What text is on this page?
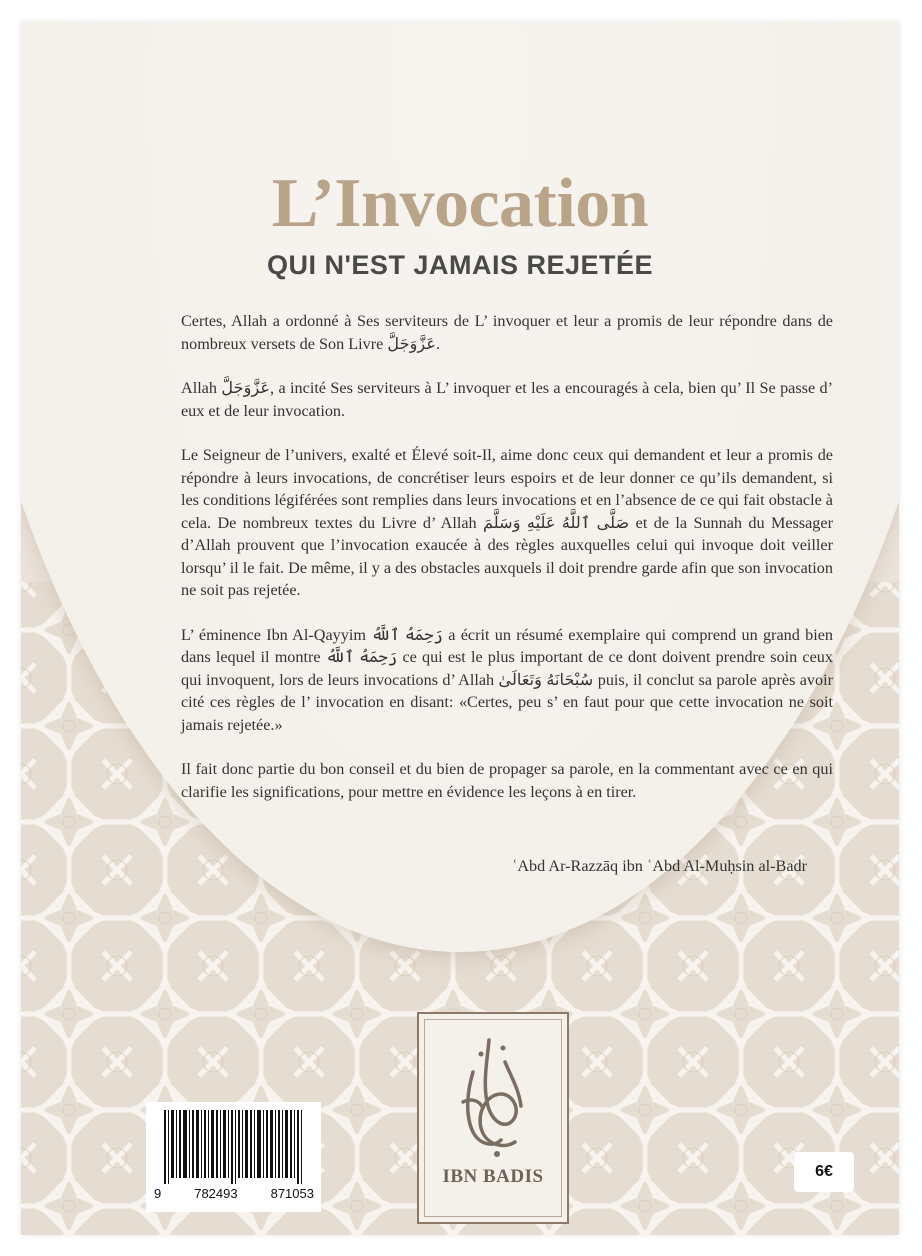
L’Invocation
QUI N'EST JAMAIS REJETÉE

Certes, Allah a ordonné à Ses serviteurs de L’ invoquer et leur a promis de leur répondre dans de nombreux versets de Son Livre عَزَّوَجَلَّ.

Allah عَزَّوَجَلَّ, a incité Ses serviteurs à L’ invoquer et les a encouragés à cela, bien qu’ Il Se passe d’ eux et de leur invocation.

Le Seigneur de l’univers, exalté et Élevé soit-Il, aime donc ceux qui demandent et leur a promis de répondre à leurs invocations, de concrétiser leurs espoirs et de leur donner ce qu’ils demandent, si les conditions légiférées sont remplies dans leurs invocations et en l’absence de ce qui fait obstacle à cela. De nombreux textes du Livre d’ Allah صَلَّى ٱللَّهُ عَلَيْهِ وَسَلَّمَ et de la Sunnah du Messager d’Allah prouvent que l’invocation exaucée à des règles auxquelles celui qui invoque doit veiller lorsqu’ il le fait. De même, il y a des obstacles auxquels il doit prendre garde afin que son invocation ne soit pas rejetée.

L’ éminence Ibn Al-Qayyim رَحِمَهُ ٱللَّهُ a écrit un résumé exemplaire qui comprend un grand bien dans lequel il montre رَحِمَهُ ٱللَّهُ ce qui est le plus important de ce dont doivent prendre soin ceux qui invoquent, lors de leurs invocations d’ Allah سُبْحَانَهُ وَتَعَالَىٰ puis, il conclut sa parole après avoir cité ces règles de l’ invocation en disant: «Certes, peu s’ en faut pour que cette invocation ne soit jamais rejetée.»

Il fait donc partie du bon conseil et du bien de propager sa parole, en la commentant avec ce en qui clarifie les significations, pour mettre en évidence les leçons à en tirer.

ʿAbd Ar-Razzāq ibn ʿAbd Al-Muḥsin al-Badr
IBN BADIS
9	782493	871053
6€
